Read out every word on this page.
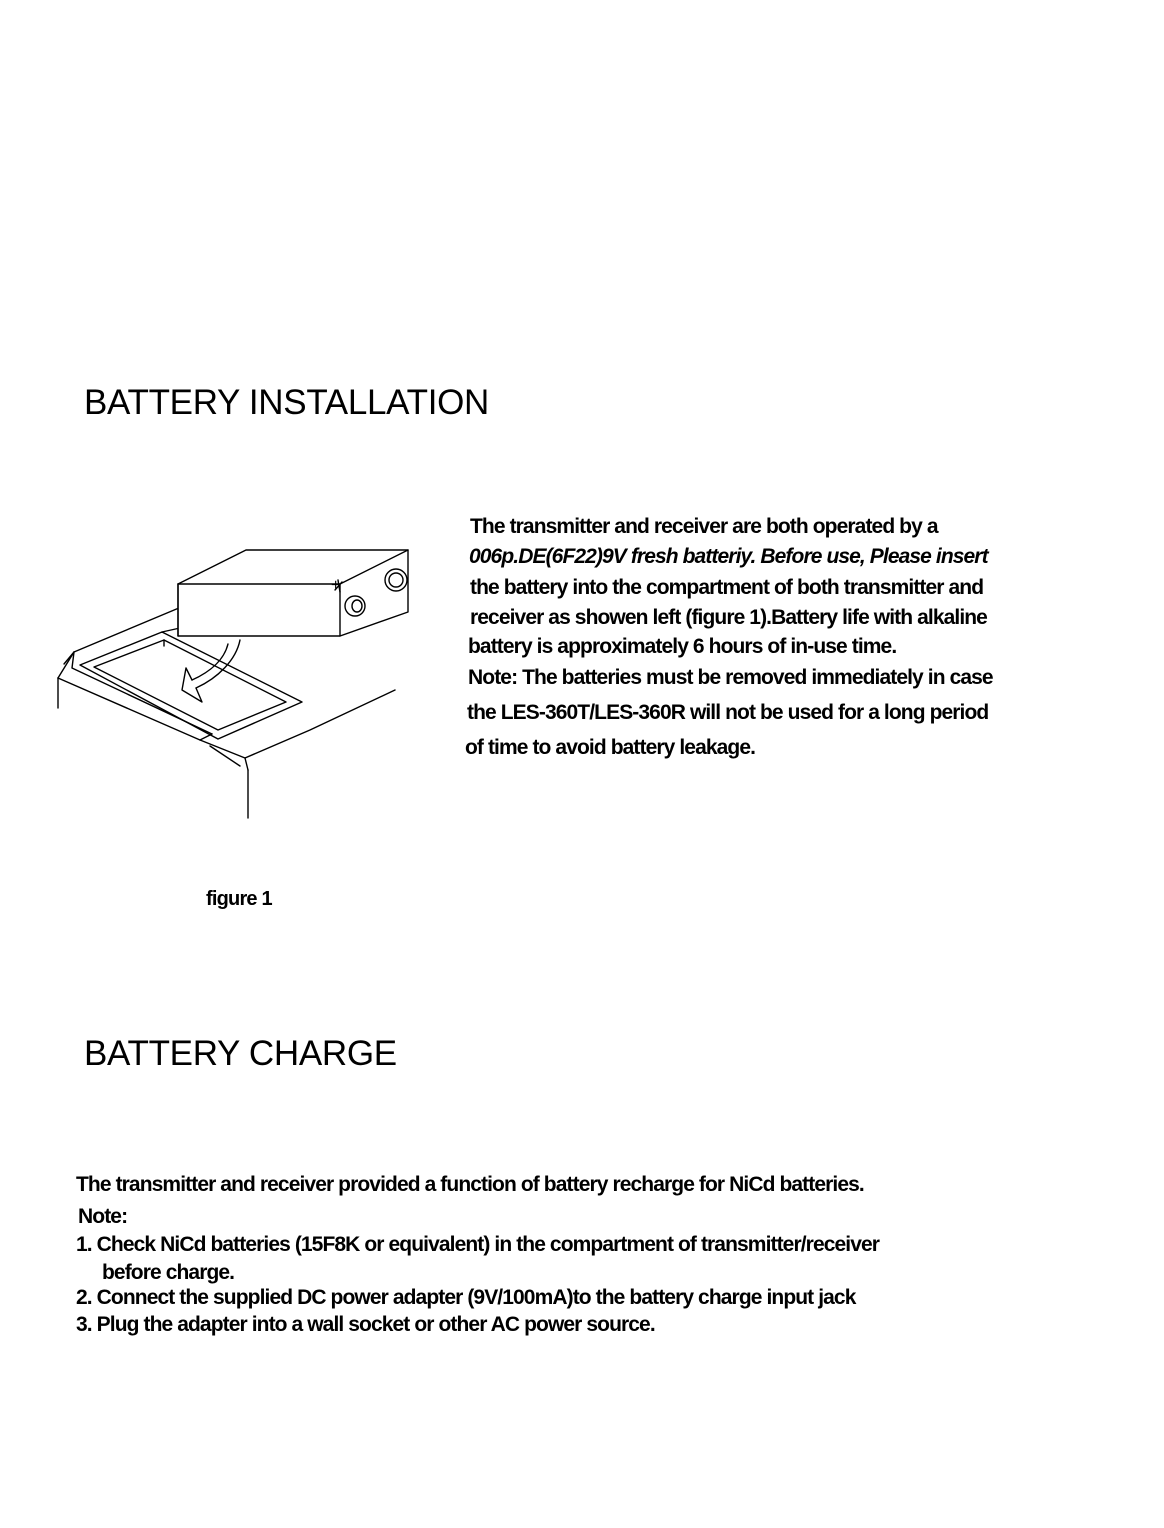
BATTERY INSTALLATION
+
The transmitter and receiver are both operated by a
006p.DE(6F22)9V fresh batteriy. Before use, Please insert
the battery into the compartment of both transmitter and
receiver as showen left (figure 1).Battery life with alkaline
battery is approximately 6 hours of in-use time.
Note: The batteries must be removed immediately in case
the LES-360T/LES-360R will not be used for a long period
of time to avoid battery leakage.
figure 1
BATTERY CHARGE
The transmitter and receiver provided a function of battery recharge for NiCd batteries.
Note:
1. Check NiCd batteries (15F8K or equivalent) in the compartment of transmitter/receiver
before charge.
2. Connect the supplied DC power adapter (9V/100mA)to the battery charge input jack
3. Plug the adapter into a wall socket or other AC power source.
